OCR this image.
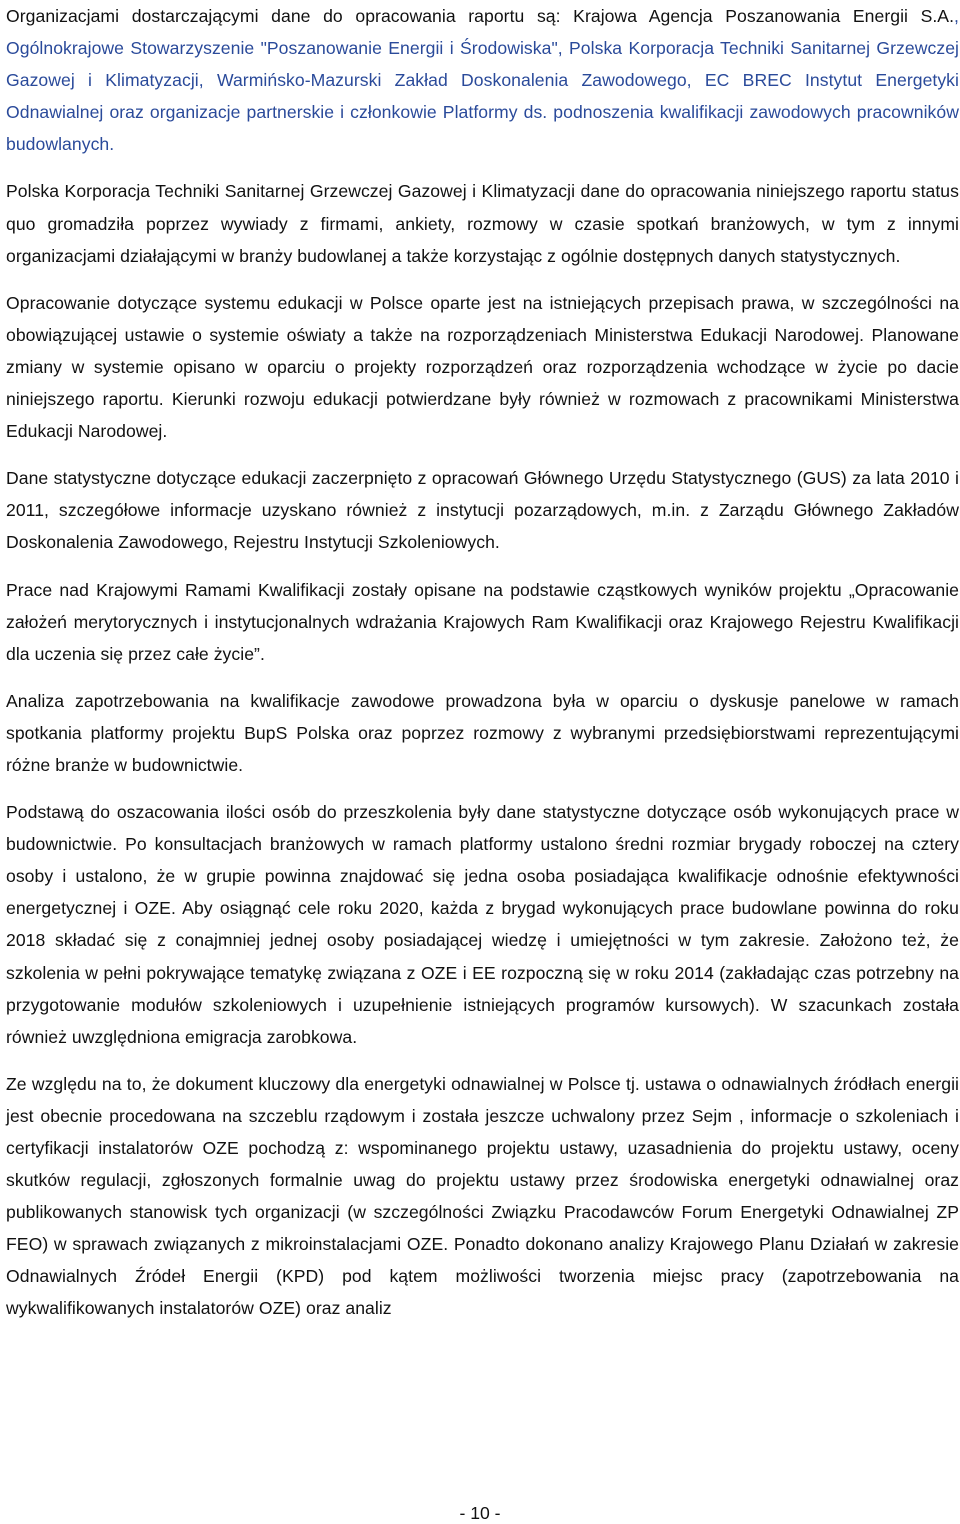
Organizacjami dostarczającymi dane do opracowania raportu są: Krajowa Agencja Poszanowania Energii S.A., Ogólnokrajowe Stowarzyszenie "Poszanowanie Energii i Środowiska", Polska Korporacja Techniki Sanitarnej Grzewczej Gazowej i Klimatyzacji, Warmińsko-Mazurski Zakład Doskonalenia Zawodowego, EC BREC Instytut Energetyki Odnawialnej oraz organizacje partnerskie i członkowie Platformy ds. podnoszenia kwalifikacji zawodowych pracowników budowlanych.

Polska Korporacja Techniki Sanitarnej Grzewczej Gazowej i Klimatyzacji dane do opracowania niniejszego raportu status quo gromadziła poprzez wywiady z firmami, ankiety, rozmowy w czasie spotkań branżowych, w tym z innymi organizacjami działającymi w branży budowlanej a także korzystając z ogólnie dostępnych danych statystycznych.

Opracowanie dotyczące systemu edukacji w Polsce oparte jest na istniejących przepisach prawa, w szczególności na obowiązującej ustawie o systemie oświaty a także na rozporządzeniach Ministerstwa Edukacji Narodowej. Planowane zmiany w systemie opisano w oparciu o projekty rozporządzeń oraz rozporządzenia wchodzące w życie po dacie niniejszego raportu. Kierunki rozwoju edukacji potwierdzane były również w rozmowach z pracownikami Ministerstwa Edukacji Narodowej.

Dane statystyczne dotyczące edukacji zaczerpnięto z opracowań Głównego Urzędu Statystycznego (GUS) za lata 2010 i 2011, szczegółowe informacje uzyskano również z instytucji pozarządowych, m.in. z Zarządu Głównego Zakładów Doskonalenia Zawodowego, Rejestru Instytucji Szkoleniowych.

Prace nad Krajowymi Ramami Kwalifikacji zostały opisane na podstawie cząstkowych wyników projektu „Opracowanie założeń merytorycznych i instytucjonalnych wdrażania Krajowych Ram Kwalifikacji oraz Krajowego Rejestru Kwalifikacji dla uczenia się przez całe życie”.

Analiza zapotrzebowania na kwalifikacje zawodowe prowadzona była w oparciu o dyskusje panelowe w ramach spotkania platformy projektu BupS Polska oraz poprzez rozmowy z wybranymi przedsiębiorstwami reprezentującymi różne branże w budownictwie.

Podstawą do oszacowania ilości osób do przeszkolenia były dane statystyczne dotyczące osób wykonujących prace w budownictwie. Po konsultacjach branżowych w ramach platformy ustalono średni rozmiar brygady roboczej na cztery osoby i ustalono, że w grupie powinna znajdować się jedna osoba posiadająca kwalifikacje odnośnie efektywności energetycznej i OZE. Aby osiągnąć cele roku 2020, każda z brygad wykonujących prace budowlane powinna do roku 2018 składać się z conajmniej jednej osoby posiadającej wiedzę i umiejętności w tym zakresie. Założono też, że szkolenia w pełni pokrywające tematykę związana z OZE i EE rozpoczną się w roku 2014 (zakładając czas potrzebny na przygotowanie modułów szkoleniowych i uzupełnienie istniejących programów kursowych). W szacunkach została również uwzględniona emigracja zarobkowa.

Ze względu na to, że dokument kluczowy dla energetyki odnawialnej w Polsce tj. ustawa o odnawialnych źródłach energii jest obecnie procedowana na szczeblu rządowym i została jeszcze uchwalony przez Sejm , informacje o szkoleniach i certyfikacji instalatorów OZE pochodzą z: wspominanego projektu ustawy, uzasadnienia do projektu ustawy, oceny skutków regulacji, zgłoszonych formalnie uwag do projektu ustawy przez środowiska energetyki odnawialnej oraz publikowanych stanowisk tych organizacji (w szczególności Związku Pracodawców Forum Energetyki Odnawialnej ZP FEO) w sprawach związanych z mikroinstalacjami OZE. Ponadto dokonano analizy Krajowego Planu Działań w zakresie Odnawialnych Źródeł Energii (KPD) pod kątem możliwości tworzenia miejsc pracy (zapotrzebowania na wykwalifikowanych instalatorów OZE) oraz analiz

- 10 -
